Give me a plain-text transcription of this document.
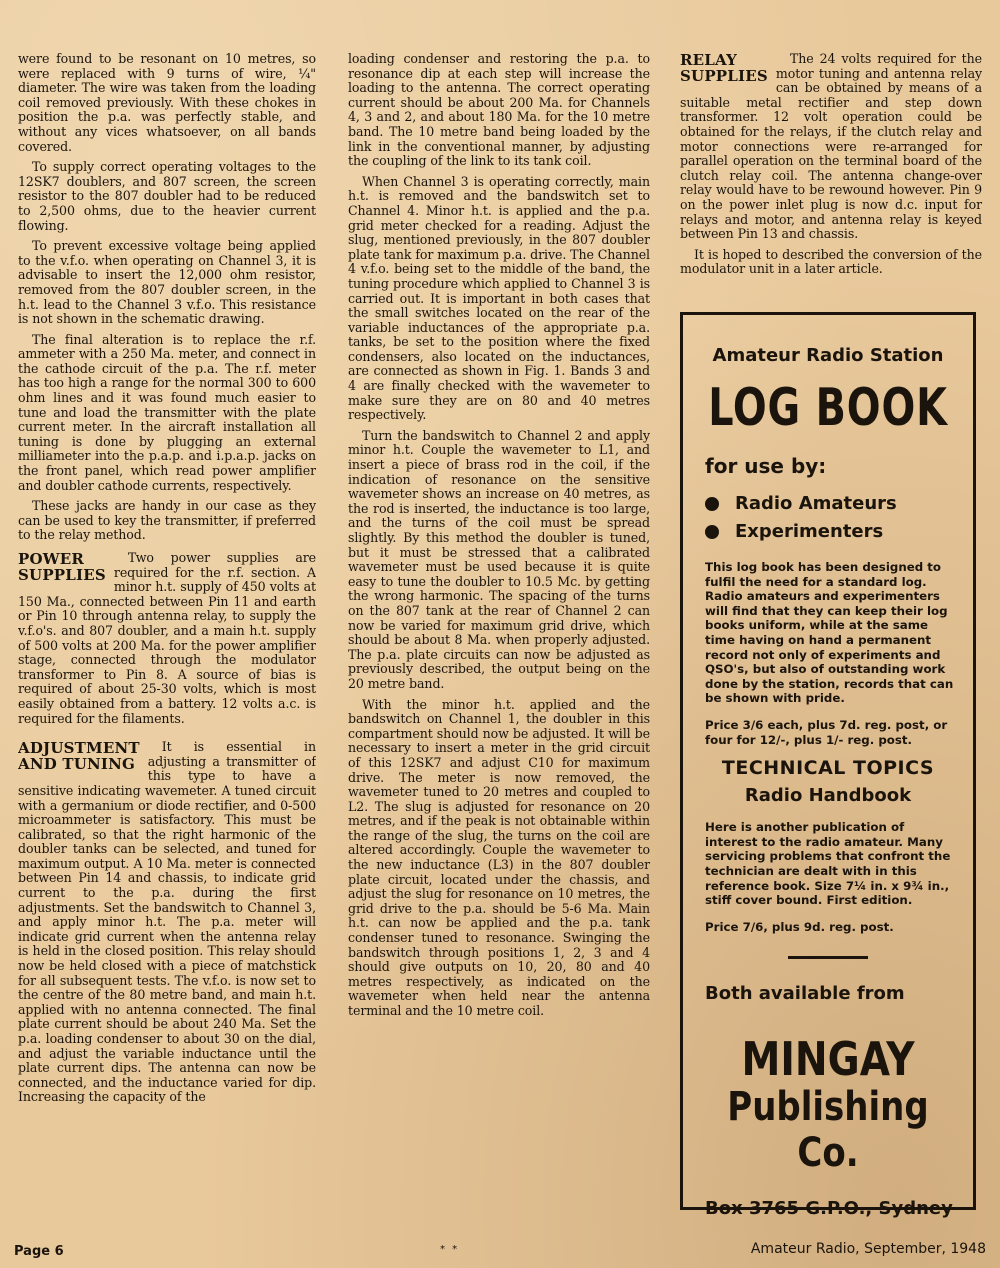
were found to be resonant on 10 metres, so were replaced with 9 turns of wire, ¼" diameter. The wire was taken from the loading coil removed previously. With these chokes in position the p.a. was perfectly stable, and without any vices whatsoever, on all bands covered.

To supply correct operating voltages to the 12SK7 doublers, and 807 screen, the screen resistor to the 807 doubler had to be reduced to 2,500 ohms, due to the heavier current flowing.

To prevent excessive voltage being applied to the v.f.o. when operating on Channel 3, it is advisable to insert the 12,000 ohm resistor, removed from the 807 doubler screen, in the h.t. lead to the Channel 3 v.f.o. This resistance is not shown in the schematic drawing.

The final alteration is to replace the r.f. ammeter with a 250 Ma. meter, and connect in the cathode circuit of the p.a. The r.f. meter has too high a range for the normal 300 to 600 ohm lines and it was found much easier to tune and load the transmitter with the plate current meter. In the aircraft installation all tuning is done by plugging an external milliameter into the p.a.p. and i.p.a.p. jacks on the front panel, which read power amplifier and doubler cathode currents, respectively.

These jacks are handy in our case as they can be used to key the transmitter, if preferred to the relay method.

POWER
SUPPLIES

Two power supplies are required for the r.f. section. A minor h.t. supply of 450 volts at 150 Ma., connected between Pin 11 and earth or Pin 10 through antenna relay, to supply the v.f.o's. and 807 doubler, and a main h.t. supply of 500 volts at 200 Ma. for the power amplifier stage, connected through the modulator transformer to Pin 8. A source of bias is required of about 25-30 volts, which is most easily obtained from a battery. 12 volts a.c. is required for the filaments.

ADJUSTMENT
AND TUNING

It is essential in adjusting a transmitter of this type to have a sensitive indicating wavemeter. A tuned circuit with a germanium or diode rectifier, and 0-500 microammeter is satisfactory. This must be calibrated, so that the right harmonic of the doubler tanks can be selected, and tuned for maximum output. A 10 Ma. meter is connected between Pin 14 and chassis, to indicate grid current to the p.a. during the first adjustments. Set the bandswitch to Channel 3, and apply minor h.t. The p.a. meter will indicate grid current when the antenna relay is held in the closed position. This relay should now be held closed with a piece of matchstick for all subsequent tests. The v.f.o. is now set to the centre of the 80 metre band, and main h.t. applied with no antenna connected. The final plate current should be about 240 Ma. Set the p.a. loading condenser to about 30 on the dial, and adjust the variable inductance until the plate current dips. The antenna can now be connected, and the inductance varied for dip. Increasing the capacity of the

loading condenser and restoring the p.a. to resonance dip at each step will increase the loading to the antenna. The correct operating current should be about 200 Ma. for Channels 4, 3 and 2, and about 180 Ma. for the 10 metre band. The 10 metre band being loaded by the link in the conventional manner, by adjusting the coupling of the link to its tank coil.

When Channel 3 is operating correctly, main h.t. is removed and the bandswitch set to Channel 4. Minor h.t. is applied and the p.a. grid meter checked for a reading. Adjust the slug, mentioned previously, in the 807 doubler plate tank for maximum p.a. drive. The Channel 4 v.f.o. being set to the middle of the band, the tuning procedure which applied to Channel 3 is carried out. It is important in both cases that the small switches located on the rear of the variable inductances of the appropriate p.a. tanks, be set to the position where the fixed condensers, also located on the inductances, are connected as shown in Fig. 1. Bands 3 and 4 are finally checked with the wavemeter to make sure they are on 80 and 40 metres respectively.

Turn the bandswitch to Channel 2 and apply minor h.t. Couple the wavemeter to L1, and insert a piece of brass rod in the coil, if the indication of resonance on the sensitive wavemeter shows an increase on 40 metres, as the rod is inserted, the inductance is too large, and the turns of the coil must be spread slightly. By this method the doubler is tuned, but it must be stressed that a calibrated wavemeter must be used because it is quite easy to tune the doubler to 10.5 Mc. by getting the wrong harmonic. The spacing of the turns on the 807 tank at the rear of Channel 2 can now be varied for maximum grid drive, which should be about 8 Ma. when properly adjusted. The p.a. plate circuits can now be adjusted as previously described, the output being on the 20 metre band.

With the minor h.t. applied and the bandswitch on Channel 1, the doubler in this compartment should now be adjusted. It will be necessary to insert a meter in the grid circuit of this 12SK7 and adjust C10 for maximum drive. The meter is now removed, the wavemeter tuned to 20 metres and coupled to L2. The slug is adjusted for resonance on 20 metres, and if the peak is not obtainable within the range of the slug, the turns on the coil are altered accordingly. Couple the wavemeter to the new inductance (L3) in the 807 doubler plate circuit, located under the chassis, and adjust the slug for resonance on 10 metres, the grid drive to the p.a. should be 5-6 Ma. Main h.t. can now be applied and the p.a. tank condenser tuned to resonance. Swinging the bandswitch through positions 1, 2, 3 and 4 should give outputs on 10, 20, 80 and 40 metres respectively, as indicated on the wavemeter when held near the antenna terminal and the 10 metre coil.

RELAY
SUPPLIES

The 24 volts required for the motor tuning and antenna relay can be obtained by means of a suitable metal rectifier and step down transformer. 12 volt operation could be obtained for the relays, if the clutch relay and motor connections were re-arranged for parallel operation on the terminal board of the clutch relay coil. The antenna change-over relay would have to be rewound however. Pin 9 on the power inlet plug is now d.c. input for relays and motor, and antenna relay is keyed between Pin 13 and chassis.

It is hoped to described the conversion of the modulator unit in a later article.

Amateur Radio Station
LOG BOOK
for use by:
Radio Amateurs
Experimenters
This log book has been designed to fulfil the need for a standard log. Radio amateurs and experimenters will find that they can keep their log books uniform, while at the same time having on hand a permanent record not only of experiments and QSO's, but also of outstanding work done by the station, records that can be shown with pride.
Price 3/6 each, plus 7d. reg. post, or four for 12/-, plus 1/- reg. post.
TECHNICAL TOPICS
Radio Handbook
Here is another publication of interest to the radio amateur. Many servicing problems that confront the technician are dealt with in this reference book. Size 7¼ in. x 9¾ in., stiff cover bound. First edition.
Price 7/6, plus 9d. reg. post.
Both available from
MINGAY
Publishing Co.
Box 3765 G.P.O., Sydney
Page 6	* *	Amateur Radio, September, 1948
